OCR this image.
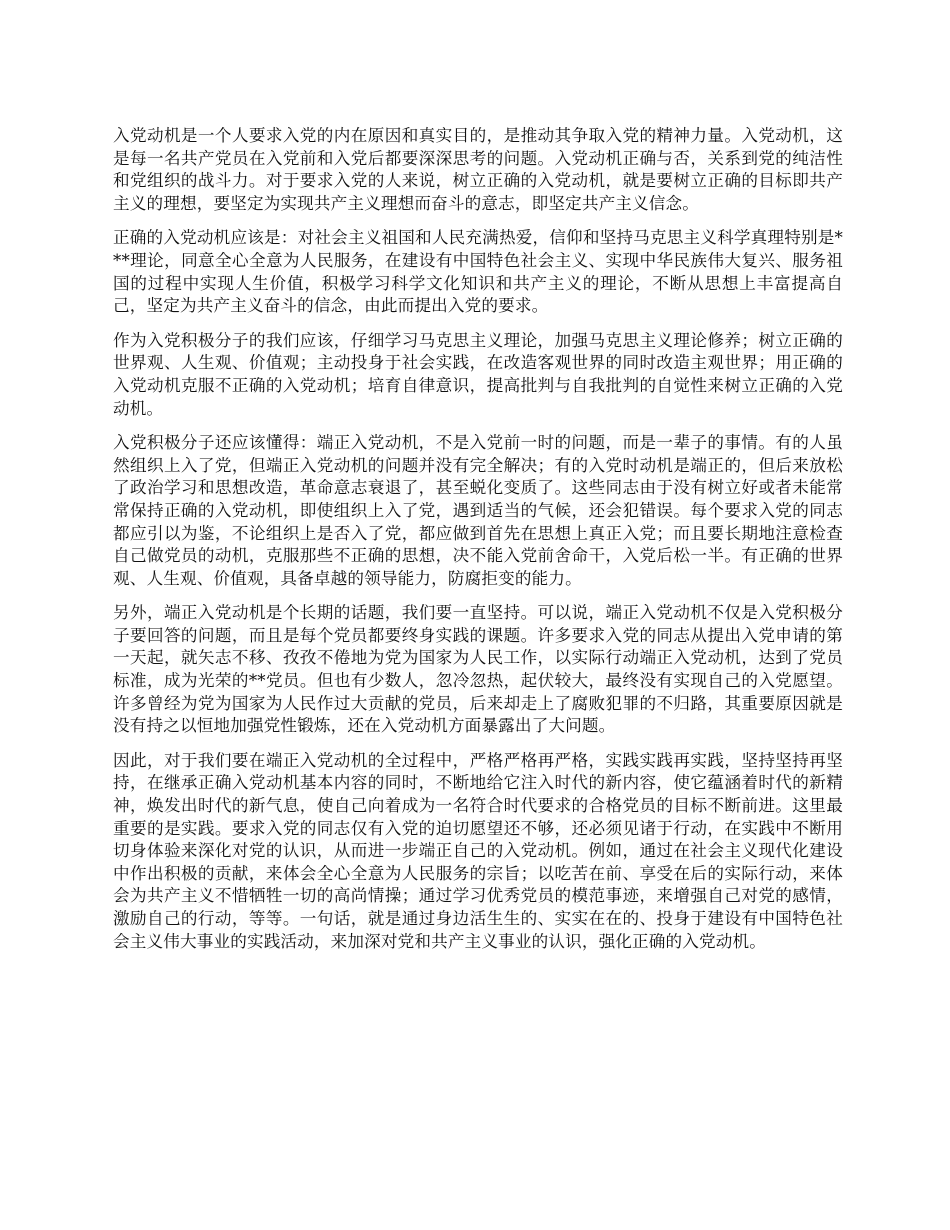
入党动机是一个人要求入党的内在原因和真实目的，是推动其争取入党的精神力量。入党动机，这是每一名共产党员在入党前和入党后都要深深思考的问题。入党动机正确与否，关系到党的纯洁性和党组织的战斗力。对于要求入党的人来说，树立正确的入党动机，就是要树立正确的目标即共产主义的理想，要坚定为实现共产主义理想而奋斗的意志，即坚定共产主义信念。

正确的入党动机应该是：对社会主义祖国和人民充满热爱，信仰和坚持马克思主义科学真理特别是***理论，同意全心全意为人民服务，在建设有中国特色社会主义、实现中华民族伟大复兴、服务祖国的过程中实现人生价值，积极学习科学文化知识和共产主义的理论，不断从思想上丰富提高自己，坚定为共产主义奋斗的信念，由此而提出入党的要求。

作为入党积极分子的我们应该，仔细学习马克思主义理论，加强马克思主义理论修养；树立正确的世界观、人生观、价值观；主动投身于社会实践，在改造客观世界的同时改造主观世界；用正确的入党动机克服不正确的入党动机；培育自律意识，提高批判与自我批判的自觉性来树立正确的入党动机。

入党积极分子还应该懂得：端正入党动机，不是入党前一时的问题，而是一辈子的事情。有的人虽然组织上入了党，但端正入党动机的问题并没有完全解决；有的入党时动机是端正的，但后来放松了政治学习和思想改造，革命意志衰退了，甚至蜕化变质了。这些同志由于没有树立好或者未能常常保持正确的入党动机，即使组织上入了党，遇到适当的气候，还会犯错误。每个要求入党的同志都应引以为鉴，不论组织上是否入了党，都应做到首先在思想上真正入党；而且要长期地注意检查自己做党员的动机，克服那些不正确的思想，决不能入党前舍命干，入党后松一半。有正确的世界观、人生观、价值观，具备卓越的领导能力，防腐拒变的能力。

另外，端正入党动机是个长期的话题，我们要一直坚持。可以说，端正入党动机不仅是入党积极分子要回答的问题，而且是每个党员都要终身实践的课题。许多要求入党的同志从提出入党申请的第一天起，就矢志不移、孜孜不倦地为党为国家为人民工作，以实际行动端正入党动机，达到了党员标准，成为光荣的**党员。但也有少数人，忽冷忽热，起伏较大，最终没有实现自己的入党愿望。许多曾经为党为国家为人民作过大贡献的党员，后来却走上了腐败犯罪的不归路，其重要原因就是没有持之以恒地加强党性锻炼，还在入党动机方面暴露出了大问题。

因此，对于我们要在端正入党动机的全过程中，严格严格再严格，实践实践再实践，坚持坚持再坚持，在继承正确入党动机基本内容的同时，不断地给它注入时代的新内容，使它蕴涵着时代的新精神，焕发出时代的新气息，使自己向着成为一名符合时代要求的合格党员的目标不断前进。这里最重要的是实践。要求入党的同志仅有入党的迫切愿望还不够，还必须见诸于行动，在实践中不断用切身体验来深化对党的认识，从而进一步端正自己的入党动机。例如，通过在社会主义现代化建设中作出积极的贡献，来体会全心全意为人民服务的宗旨；以吃苦在前、享受在后的实际行动，来体会为共产主义不惜牺牲一切的高尚情操；通过学习优秀党员的模范事迹，来增强自己对党的感情，激励自己的行动，等等。一句话，就是通过身边活生生的、实实在在的、投身于建设有中国特色社会主义伟大事业的实践活动，来加深对党和共产主义事业的认识，强化正确的入党动机。
